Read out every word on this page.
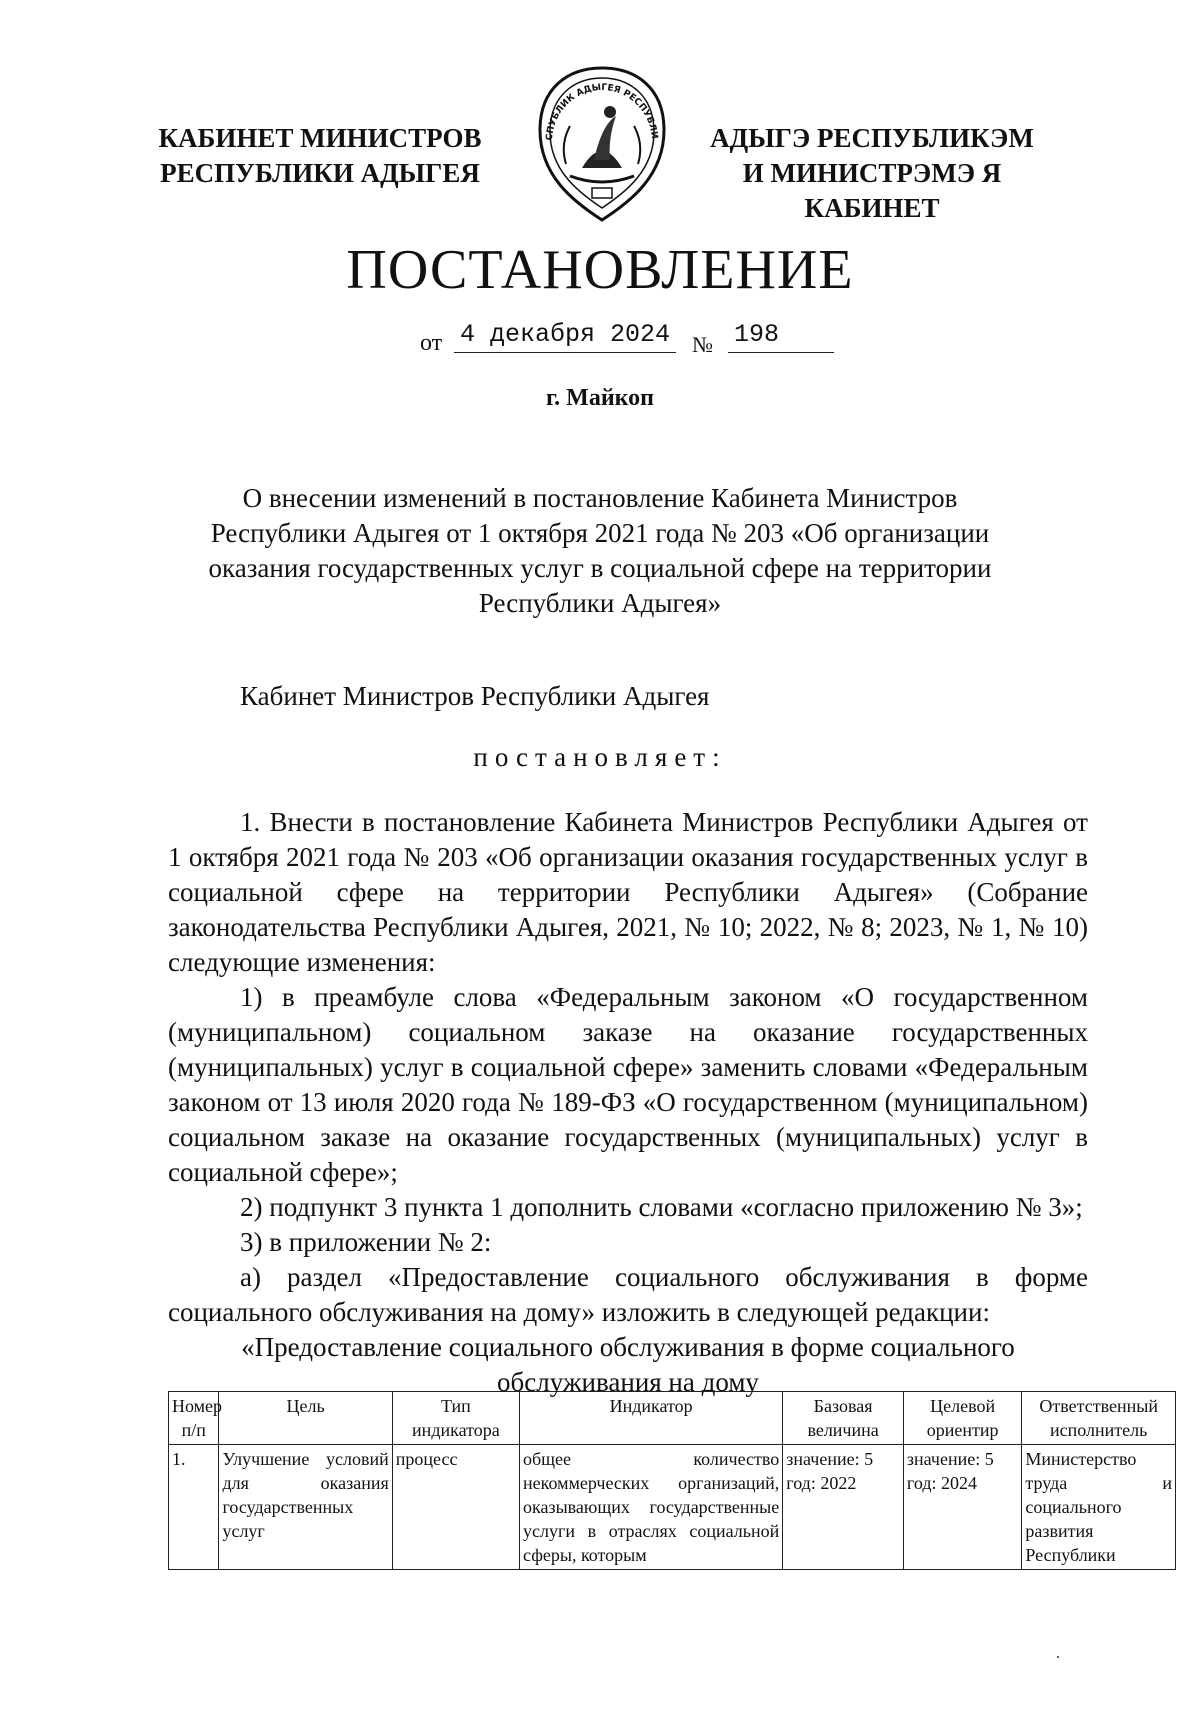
КАБИНЕТ МИНИСТРОВ
РЕСПУБЛИКИ АДЫГЕЯ
СПУБЛИК АДЫГЕЯ РЕСПУБЛИ	АДЫГЭ РЕСПУБЛИКЭМ
И МИНИСТРЭМЭ Я КАБИНЕТ
ПОСТАНОВЛЕНИЕ
от 4 декабря 2024 № 198
г. Майкоп
О внесении изменений в постановление Кабинета Министров Республики Адыгея от 1 октября 2021 года № 203 «Об организации оказания государственных услуг в социальной сфере на территории Республики Адыгея»
Кабинет Министров Республики Адыгея
постановляет:

1. Внести в постановление Кабинета Министров Республики Адыгея от 1 октября 2021 года № 203 «Об организации оказания государственных услуг в социальной сфере на территории Республики Адыгея» (Собрание законодательства Республики Адыгея, 2021, № 10; 2022, № 8; 2023, № 1, № 10) следующие изменения:

1) в преамбуле слова «Федеральным законом «О государственном (муниципальном) социальном заказе на оказание государственных (муниципальных) услуг в социальной сфере» заменить словами «Федеральным законом от 13 июля 2020 года № 189-ФЗ «О государственном (муниципальном) социальном заказе на оказание государственных (муниципальных) услуг в социальной сфере»;

2) подпункт 3 пункта 1 дополнить словами «согласно приложению № 3»;

3) в приложении № 2:

а) раздел «Предоставление социального обслуживания в форме социального обслуживания на дому» изложить в следующей редакции:

«Предоставление социального обслуживания в форме социального обслуживания на дому

Номер п/п	Цель	Тип индикатора	Индикатор	Базовая величина	Целевой ориентир	Ответственный исполнитель
1.	Улучшение условий для оказания государственных услуг	процесс	общее количество некоммерческих организаций, оказывающих государственные услуги в отраслях социальной сферы, которым	значение: 5 год: 2022	значение: 5 год: 2024	Министерство труда и социального развития Республики
